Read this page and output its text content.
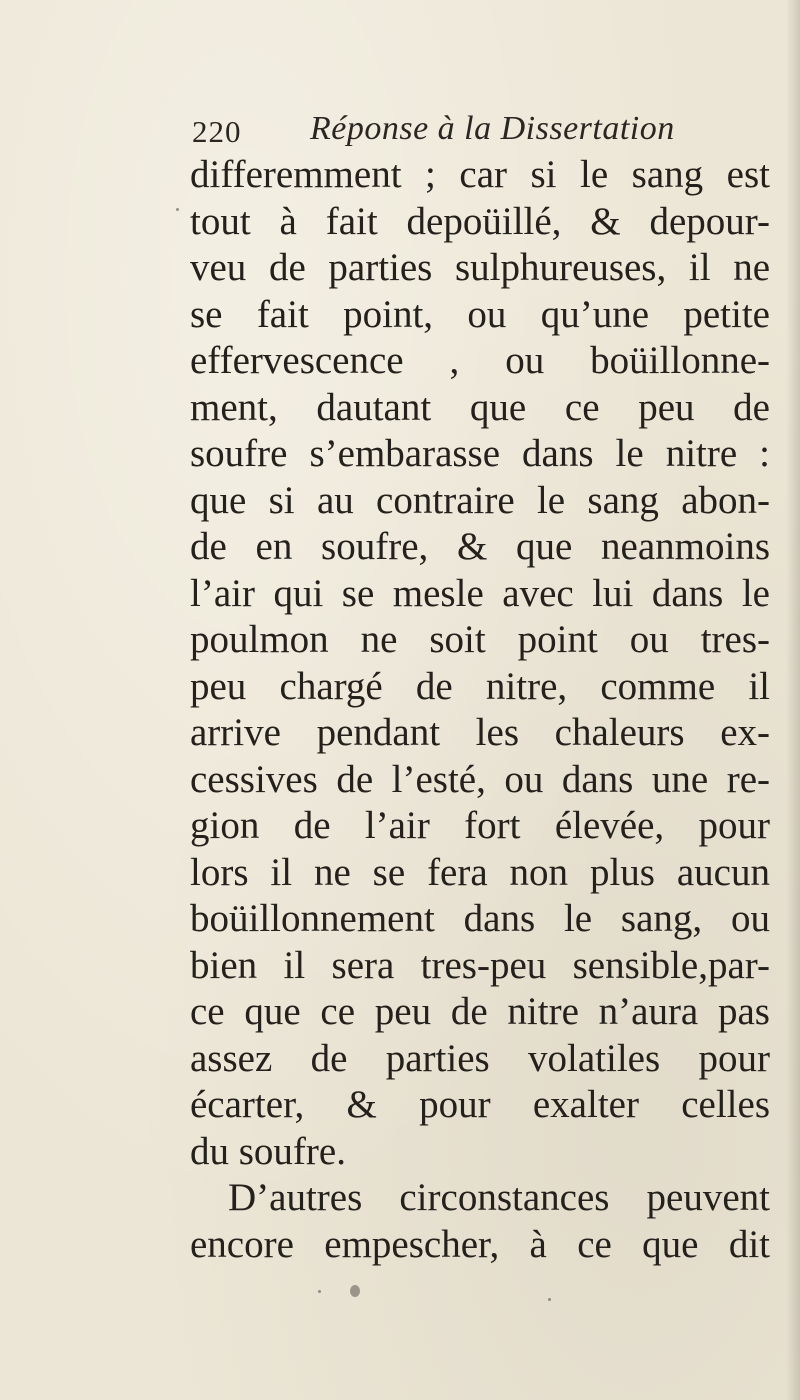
220 Réponse à la Dissertation
differemment ; car si le sang est
tout à fait depoüillé, & depour-
veu de parties sulphureuses, il ne
se fait point, ou qu’une petite
effervescence , ou boüillonne-
ment, dautant que ce peu de
soufre s’embarasse dans le nitre :
que si au contraire le sang abon-
de en soufre, & que neanmoins
l’air qui se mesle avec lui dans le
poulmon ne soit point ou tres-
peu chargé de nitre, comme il
arrive pendant les chaleurs ex-
cessives de l’esté, ou dans une re-
gion de l’air fort élevée, pour
lors il ne se fera non plus aucun
boüillonnement dans le sang, ou
bien il sera tres-peu sensible,par-
ce que ce peu de nitre n’aura pas
assez de parties volatiles pour
écarter, & pour exalter celles
du soufre.
D’autres circonstances peuvent
encore empescher, à ce que dit
